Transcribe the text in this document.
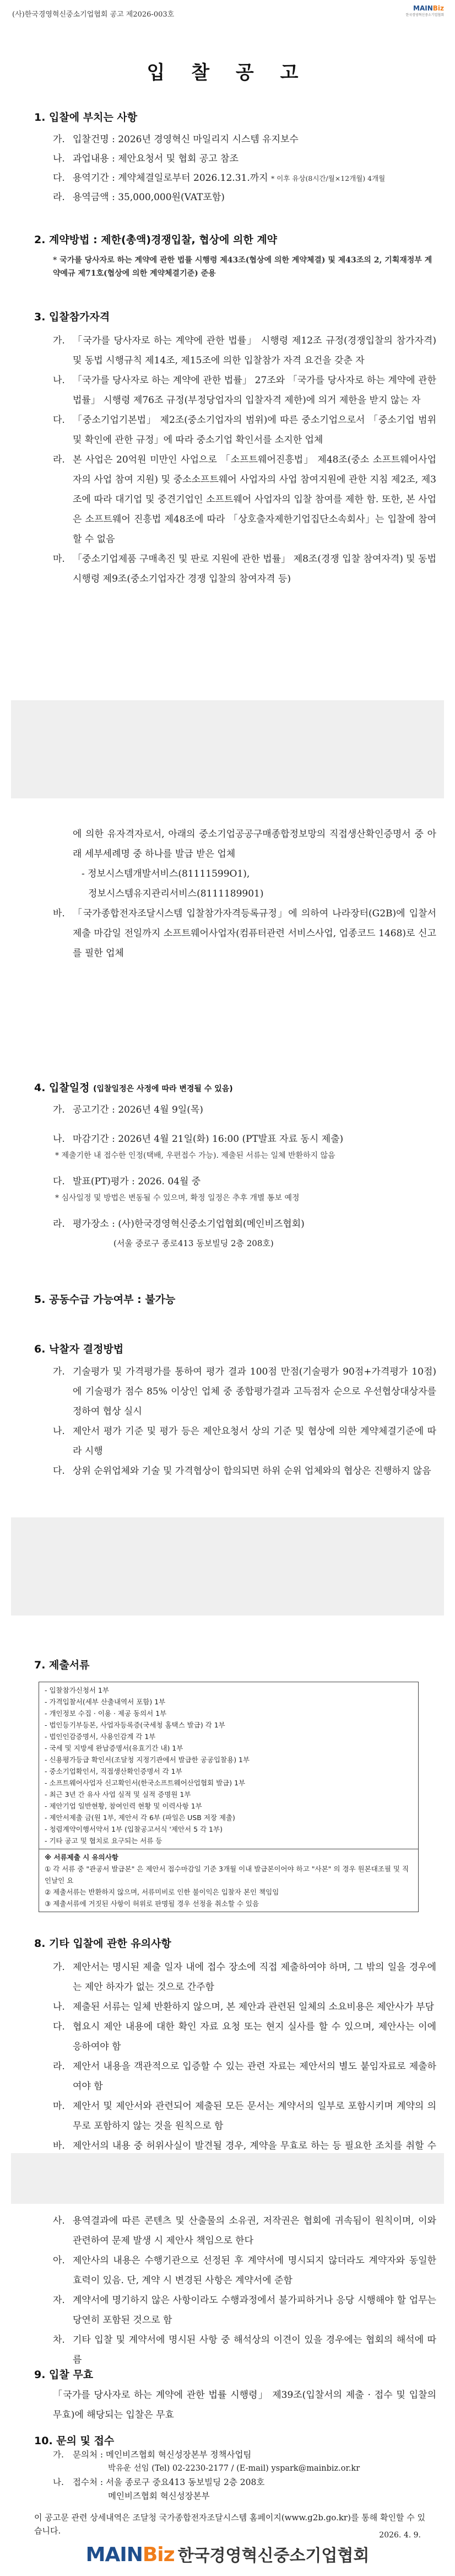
(사)한국경영혁신중소기업협회 공고 제2026-003호
MAINBiz
한국경영혁신중소기업협회
입 찰 공 고
1. 입찰에 부치는 사항
가. 입찰건명 : 2026년 경영혁신 마일리지 시스템 유지보수
나. 과업내용 : 제안요청서 및 협회 공고 참조
다. 용역기간 : 계약체결일로부터 2026.12.31.까지 * 이후 유상(8시간/월×12개월) 4개월
라. 용역금액 : 35,000,000원(VAT포함)
2. 계약방법 : 제한(총액)경쟁입찰, 협상에 의한 계약
* 국가를 당사자로 하는 계약에 관한 법률 시행령 제43조(협상에 의한 계약체결) 및 제43조의 2, 기획재정부 계약예규 제71호(협상에 의한 계약체결기준) 준용
3. 입찰참가자격
가. 「국가를 당사자로 하는 계약에 관한 법률」 시행령 제12조 규정(경쟁입찰의 참가자격) 및 동법 시행규칙 제14조, 제15조에 의한 입찰참가 자격 요건을 갖춘 자
나. 「국가를 당사자로 하는 계약에 관한 법률」 27조와 「국가를 당사자로 하는 계약에 관한 법률」 시행령 제76조 규정(부정당업자의 입찰자격 제한)에 의거 제한을 받지 않는 자
다. 「중소기업기본법」 제2조(중소기업자의 범위)에 따른 중소기업으로서 「중소기업 범위 및 확인에 관한 규정」에 따라 중소기업 확인서를 소지한 업체
라. 본 사업은 20억원 미만인 사업으로 「소프트웨어진흥법」 제48조(중소 소프트웨어사업자의 사업 참여 지원) 및 중소소프트웨어 사업자의 사업 참여지원에 관한 지침 제2조, 제3조에 따라 대기업 및 중견기업인 소프트웨어 사업자의 입찰 참여를 제한 함. 또한, 본 사업은 소프트웨어 진흥법 제48조에 따라 「상호출자제한기업집단소속회사」는 입찰에 참여할 수 없음
마. 「중소기업제품 구매촉진 및 판로 지원에 관한 법률」 제8조(경쟁 입찰 참여자격) 및 동법 시행령 제9조(중소기업자간 경쟁 입찰의 참여자격 등)
에 의한 유자격자로서, 아래의 중소기업공공구매종합정보망의 직접생산확인증명서 중 아래 세부세례명 중 하나를 발급 받은 업체
- 정보시스템개발서비스(81111599O1),
정보시스템유지관리서비스(8111189901)
바. 「국가종합전자조달시스템 입찰참가자격등록규정」에 의하여 나라장터(G2B)에 입찰서제출 마감일 전일까지 소프트웨어사업자(컴퓨터관련 서비스사업, 업종코드 1468)로 신고를 필한 업체
4. 입찰일정 (입찰일정은 사정에 따라 변경될 수 있음)
가. 공고기간 : 2026년 4월 9일(목)
나. 마감기간 : 2026년 4월 21일(화) 16:00 (PT발표 자료 동시 제출)
* 제출기한 내 접수한 인정(택배, 우편접수 가능). 제출된 서류는 일체 반환하지 않음
다. 발표(PT)평가 : 2026. 04월 중
* 심사일정 및 방법은 변동될 수 있으며, 확정 일정은 추후 개별 통보 예정
라. 평가장소 : (사)한국경영혁신중소기업협회(메인비즈협회)
(서울 중로구 종로413 동보빌딩 2층 208호)
5. 공동수급 가능여부 : 불가능
6. 낙찰자 결정방법
가. 기술평가 및 가격평가를 통하여 평가 결과 100점 만점(기술평가 90점+가격평가 10점)에 기술평가 점수 85% 이상인 업체 중 종합평가결과 고득점자 순으로 우선협상대상자를 정하여 협상 실시
나. 제안서 평가 기준 및 평가 등은 제안요청서 상의 기준 및 협상에 의한 계약체결기준에 따라 시행
다. 상위 순위업체와 기술 및 가격협상이 합의되면 하위 순위 업체와의 협상은 진행하지 않음
7. 제출서류
- 입찰참가신청서 1부
- 가격입찰서(세부 산출내역서 포함) 1부
- 개인정보 수집 · 이용 · 제공 동의서 1부
- 법인등기부등본, 사업자등록증(국세청 홈택스 발급) 각 1부
- 법인인감증명서, 사용인감계 각 1부
- 국세 및 지방세 완납증명서(유효기간 내) 1부
- 신용평가등급 확인서(조달청 지정기관에서 발급한 공공입찰용) 1부
- 중소기업확인서, 직접생산확인증명서 각 1부
- 소프트웨어사업자 신고확인서(한국소프트웨어산업협회 발급) 1부
- 최근 3년 간 유사 사업 실적 및 실적 증명원 1부
- 제안기업 일반현황, 참여인력 현황 및 이력사항 1부
- 제안서제출 금(원 1부, 제안서 각 6부 (파일은 USB 저장 제출)
- 청렴계약이행서약서 1부 (입찰공고서식 '제안서 5 각 1부)
- 기타 공고 및 협치로 요구되는 서류 등

※ 서류제출 시 유의사항
① 각 서류 중 "관공서 발급본" 은 제안서 접수마감일 기준 3개월 이내 발급본이어야 하고 "사본" 의 경우 원본대조필 및 직인날인 요
② 제출서류는 반환하지 않으며, 서류미비로 인한 불이익은 입찰자 본인 책임임
③ 제출서류에 거짓된 사항이 허위로 판명될 경우 선정을 취소할 수 있음
8. 기타 입찰에 관한 유의사항
가. 제안서는 명시된 제출 일자 내에 접수 장소에 직접 제출하여야 하며, 그 밖의 일을 경우에는 제안 하자가 없는 것으로 간주함
나. 제출된 서류는 일체 반환하지 않으며, 본 제안과 관련된 일체의 소요비용은 제안사가 부담
다. 협요시 제안 내용에 대한 확인 자료 요청 또는 현지 실사를 할 수 있으며, 제안사는 이에 응하여야 함
라. 제안서 내용을 객관적으로 입증할 수 있는 관련 자료는 제안서의 별도 붙임자료로 제출하여야 함
마. 제안서 및 제안서와 관련되어 제출된 모든 문서는 계약서의 일부로 포함시키며 계약의 의무로 포함하지 않는 것을 원칙으로 함
바. 제안서의 내용 중 허위사실이 발견될 경우, 계약을 무효로 하는 등 필요한 조치를 취할 수
사. 용역결과에 따른 콘텐츠 및 산출물의 소유권, 저작권은 협회에 귀속됨이 원칙이며, 이와 관련하여 문제 발생 시 제안사 책임으로 한다
아. 제안사의 내용은 수행기관으로 선정된 후 계약서에 명시되지 않더라도 계약자와 동일한 효력이 있음. 단, 계약 시 변경된 사항은 계약서에 준함
자. 계약서에 명기하지 않은 사항이라도 수행과정에서 불가피하거나 응당 시행해야 할 업무는 당연히 포함된 것으로 함
차. 기타 입찰 및 계약서에 명시된 사항 중 해석상의 이견이 있을 경우에는 협회의 해석에 따름
9. 입찰 무효
「국가를 당사자로 하는 계약에 관한 법률 시행령」 제39조(입찰서의 제출 · 접수 및 입찰의 무효)에 해당되는 입찰은 무효
10. 문의 및 접수
가. 문의처 : 메인비즈협회 혁신성장본부 정책사업팀
박유운 선임 (Tel) 02-2230-2177 / (E-mail) yspark@mainbiz.or.kr
나. 접수처 : 서울 종로구 중요413 동보빌딩 2층 208호
메인비즈협회 혁신성장본부
이 공고문 관련 상세내역은 조달청 국가종합전자조달시스템 홈페이지(www.g2b.go.kr)를 통해 확인할 수 있습니다.	2026. 4. 9.
MAINBiz 한국경영혁신중소기업협회
